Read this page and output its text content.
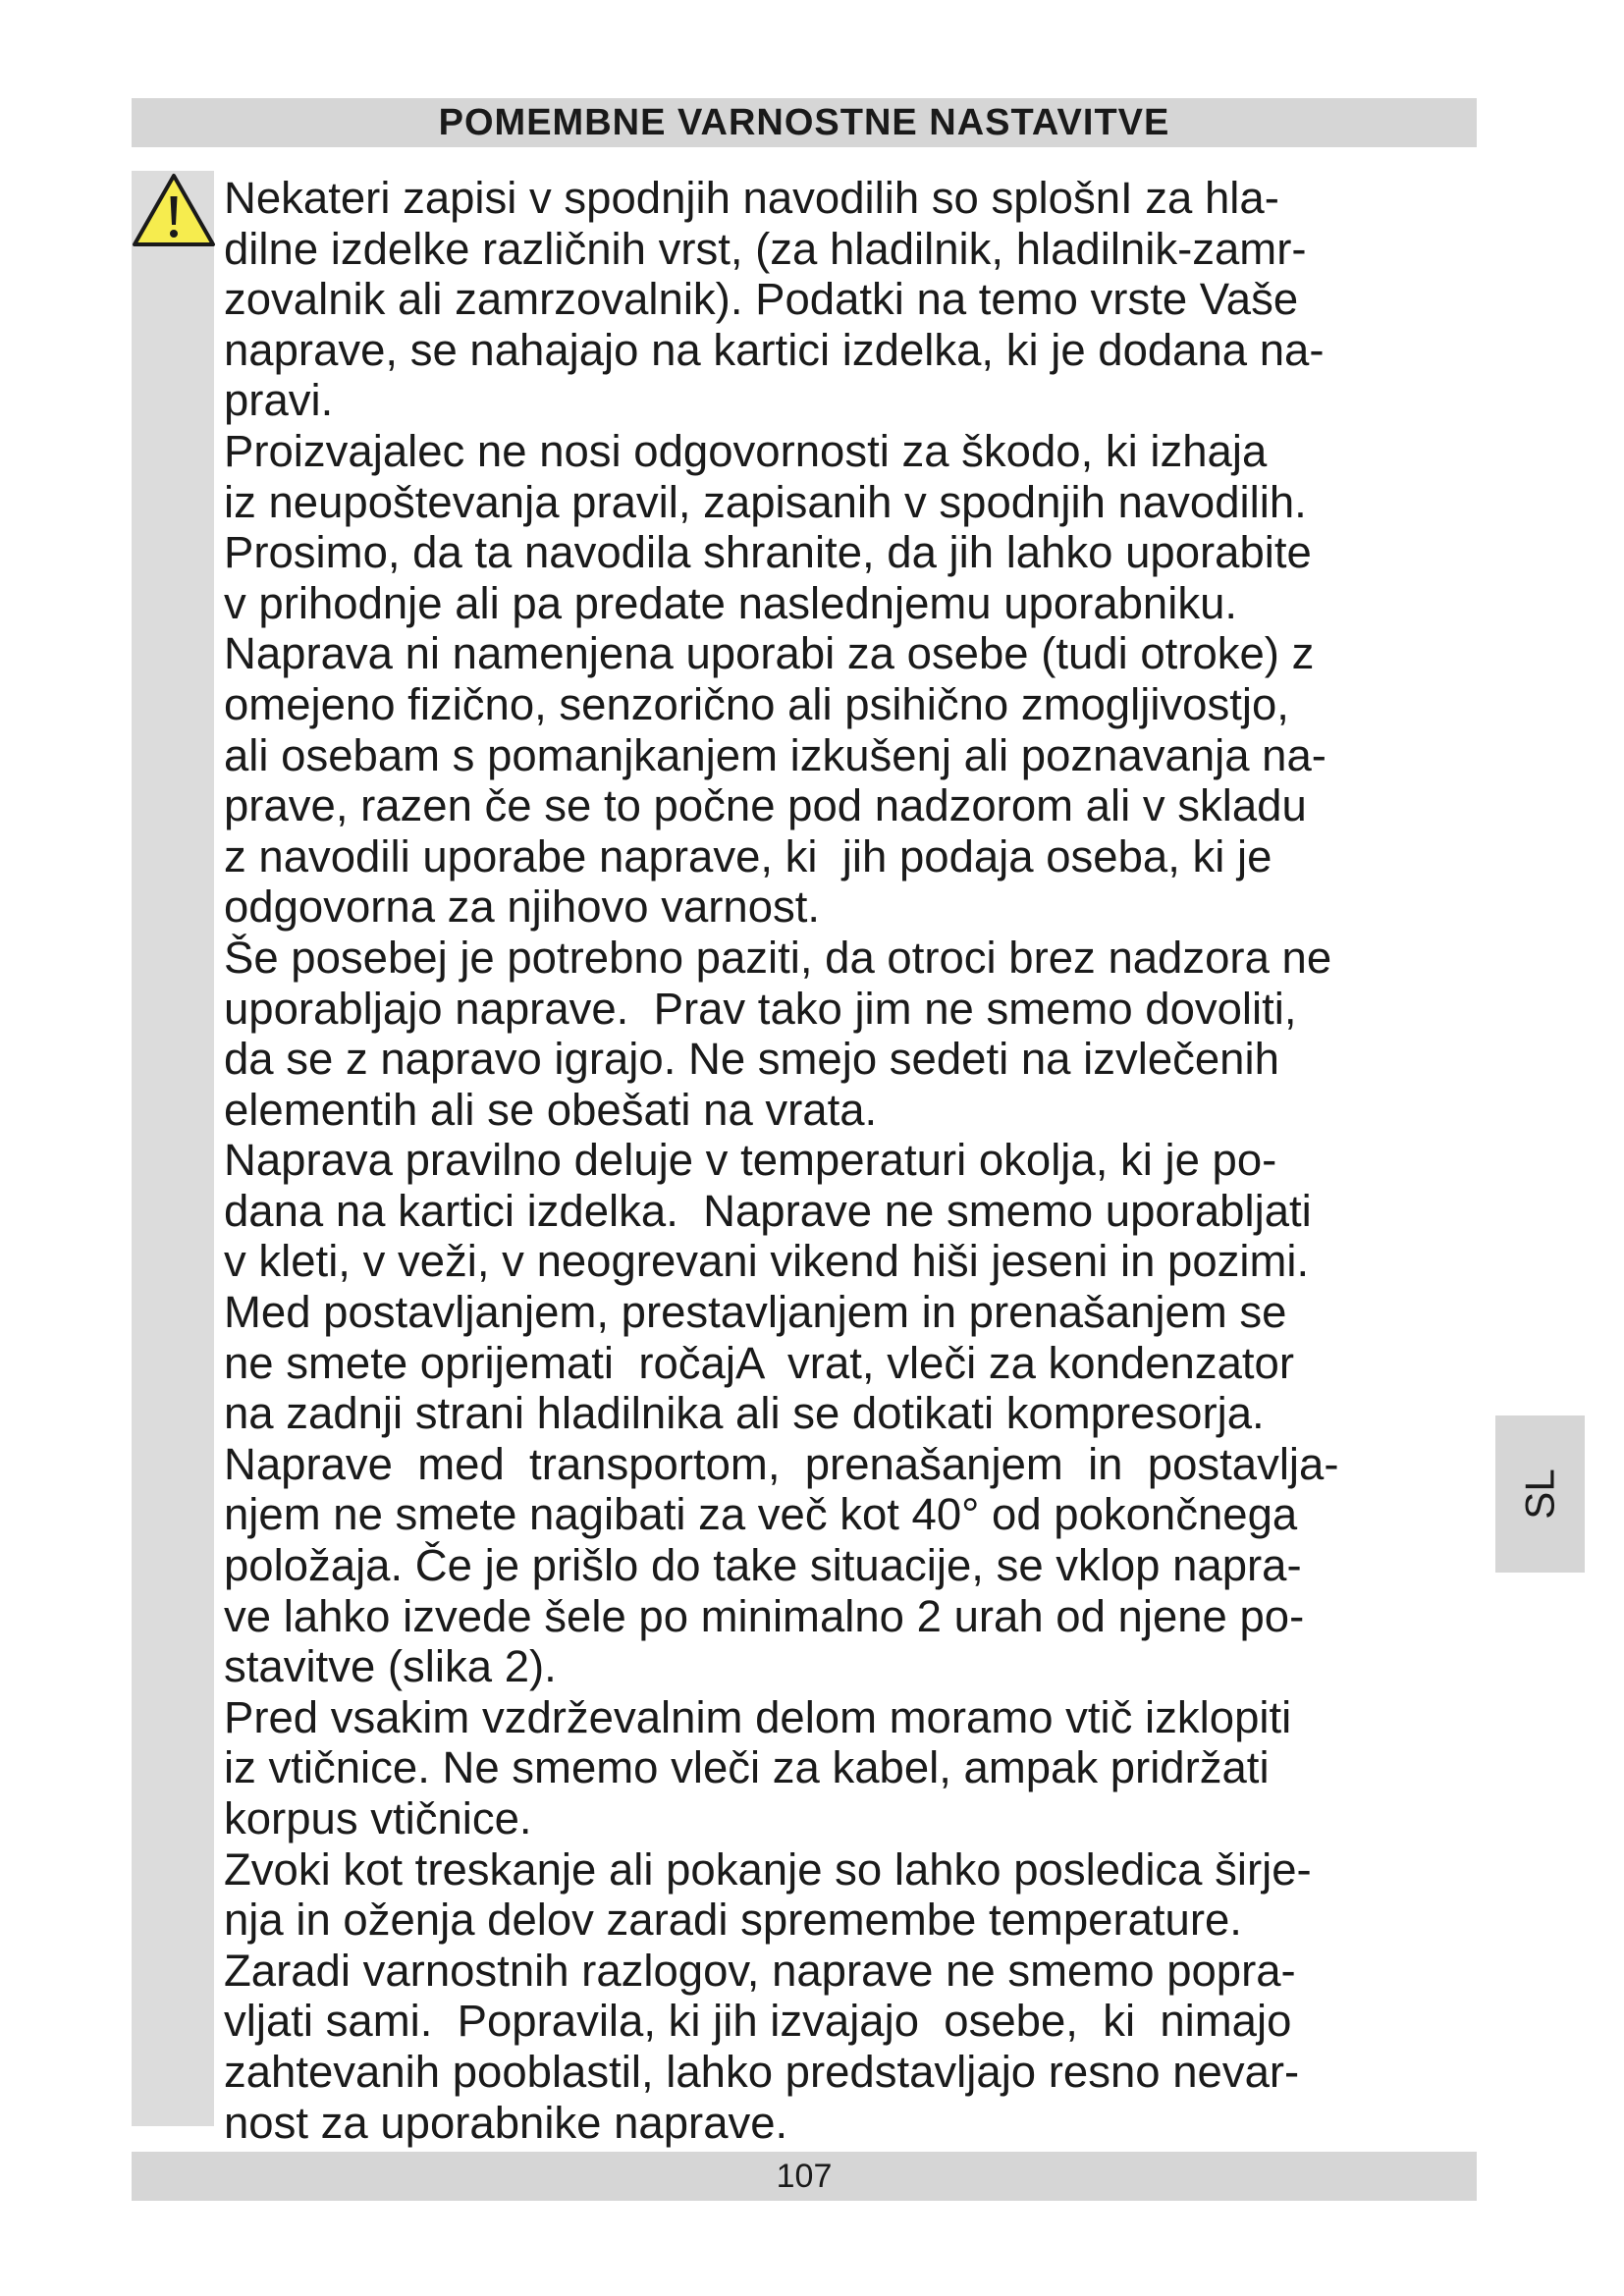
POMEMBNE VARNOSTNE NASTAVITVE
Nekateri zapisi v spodnjih navodilih so splošnI za hla-
dilne izdelke različnih vrst, (za hladilnik, hladilnik-zamr-
zovalnik ali zamrzovalnik). Podatki na temo vrste Vaše
naprave, se nahajajo na kartici izdelka, ki je dodana na-
pravi.
Proizvajalec ne nosi odgovornosti za škodo, ki izhaja
iz neupoštevanja pravil, zapisanih v spodnjih navodilih.
Prosimo, da ta navodila shranite, da jih lahko uporabite
v prihodnje ali pa predate naslednjemu uporabniku.
Naprava ni namenjena uporabi za osebe (tudi otroke) z
omejeno fizično, senzorično ali psihično zmogljivostjo,
ali osebam s pomanjkanjem izkušenj ali poznavanja na-
prave, razen če se to počne pod nadzorom ali v skladu
z navodili uporabe naprave, ki  jih podaja oseba, ki je
odgovorna za njihovo varnost.
Še posebej je potrebno paziti, da otroci brez nadzora ne
uporabljajo naprave.  Prav tako jim ne smemo dovoliti,
da se z napravo igrajo. Ne smejo sedeti na izvlečenih
elementih ali se obešati na vrata.
Naprava pravilno deluje v temperaturi okolja, ki je po-
dana na kartici izdelka.  Naprave ne smemo uporabljati
v kleti, v veži, v neogrevani vikend hiši jeseni in pozimi.
Med postavljanjem, prestavljanjem in prenašanjem se
ne smete oprijemati  ročajA  vrat, vleči za kondenzator
na zadnji strani hladilnika ali se dotikati kompresorja.
Naprave  med  transportom,  prenašanjem  in  postavlja-
njem ne smete nagibati za več kot 40° od pokončnega
položaja. Če je prišlo do take situacije, se vklop napra-
ve lahko izvede šele po minimalno 2 urah od njene po-
stavitve (slika 2).
Pred vsakim vzdrževalnim delom moramo vtič izklopiti
iz vtičnice. Ne smemo vleči za kabel, ampak pridržati
korpus vtičnice.
Zvoki kot treskanje ali pokanje so lahko posledica širje-
nja in oženja delov zaradi spremembe temperature.
Zaradi varnostnih razlogov, naprave ne smemo popra-
vljati sami.  Popravila, ki jih izvajajo  osebe,  ki  nimajo
zahtevanih pooblastil, lahko predstavljajo resno nevar-
nost za uporabnike naprave.
SL
107
